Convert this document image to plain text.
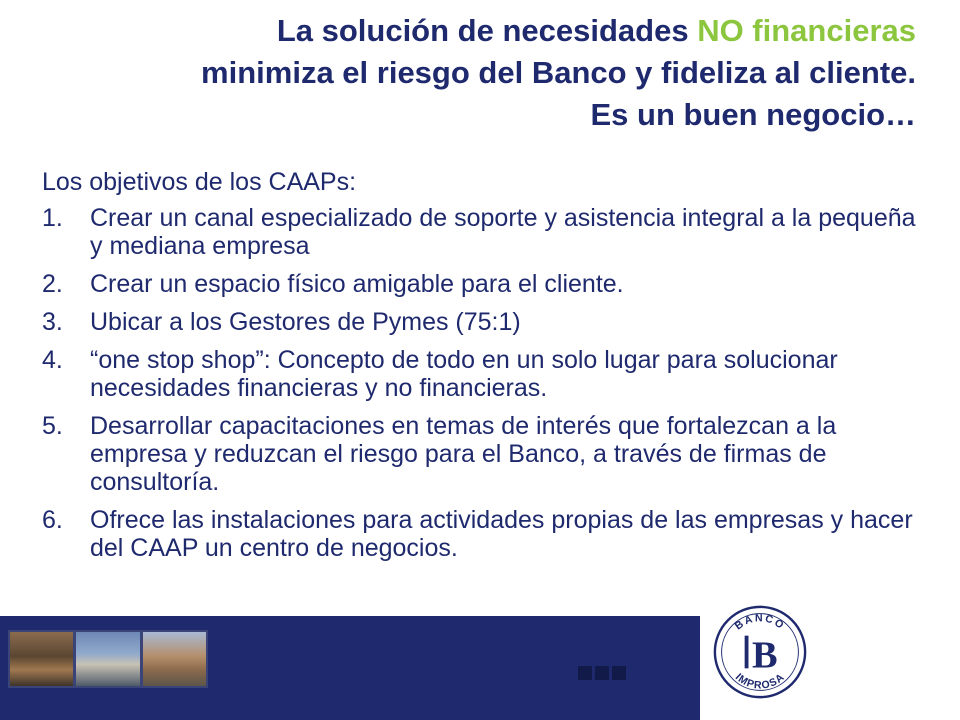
La solución de necesidades NO financieras
minimiza el riesgo del Banco y fideliza al cliente.
Es un buen negocio…

Los objetivos de los CAAPs:

1. Crear un canal especializado de soporte y asistencia integral a la pequeña y mediana empresa
2. Crear un espacio físico amigable para el cliente.
3. Ubicar a los Gestores de Pymes (75:1)
4. “one stop shop”: Concepto de todo en un solo lugar para solucionar necesidades financieras y no financieras.
5. Desarrollar capacitaciones en temas de interés que fortalezcan a la empresa y reduzcan el riesgo para el Banco, a través de firmas de consultoría.
6. Ofrece las instalaciones para actividades propias de las empresas y hacer del CAAP un centro de negocios.
BANCO
IMPROSA
B
